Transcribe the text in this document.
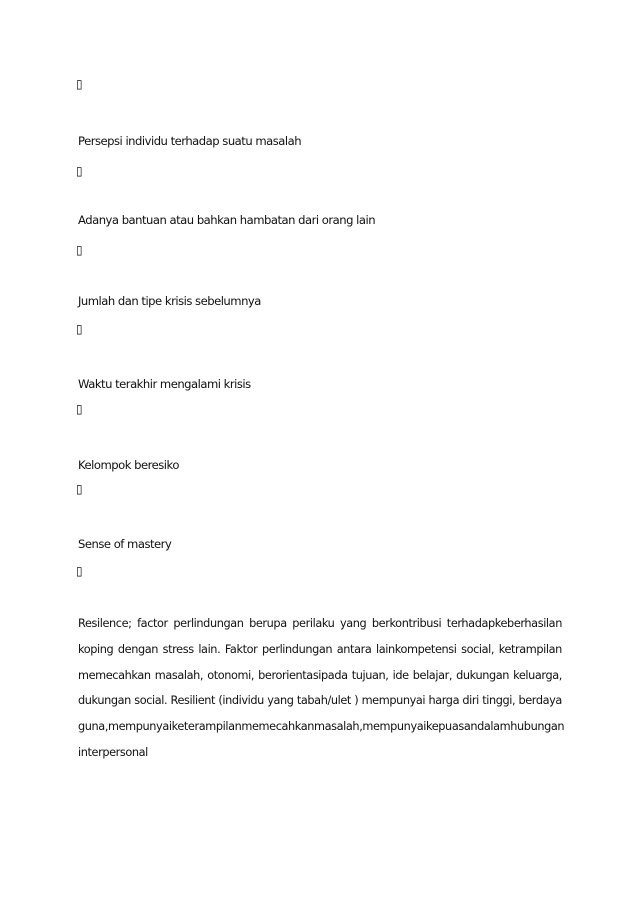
▯
Persepsi individu terhadap suatu masalah
▯
Adanya bantuan atau bahkan hambatan dari orang lain
▯
Jumlah dan tipe krisis sebelumnya
▯
Waktu terakhir mengalami krisis
▯
Kelompok beresiko
▯
Sense of mastery
▯
Resilence; factor perlindungan berupa perilaku yang berkontribusi terhadapkeberhasilan
koping dengan stress lain. Faktor perlindungan antara lainkompetensi social, ketrampilan
memecahkan masalah, otonomi, berorientasipada tujuan, ide belajar, dukungan keluarga,
dukungan social. Resilient (individu yang tabah/ulet ) mempunyai harga diri tinggi, berdaya
guna,mempunyai keterampilan memecahkan masalah, mempunyai kepuasandalam hubungan
interpersonal
